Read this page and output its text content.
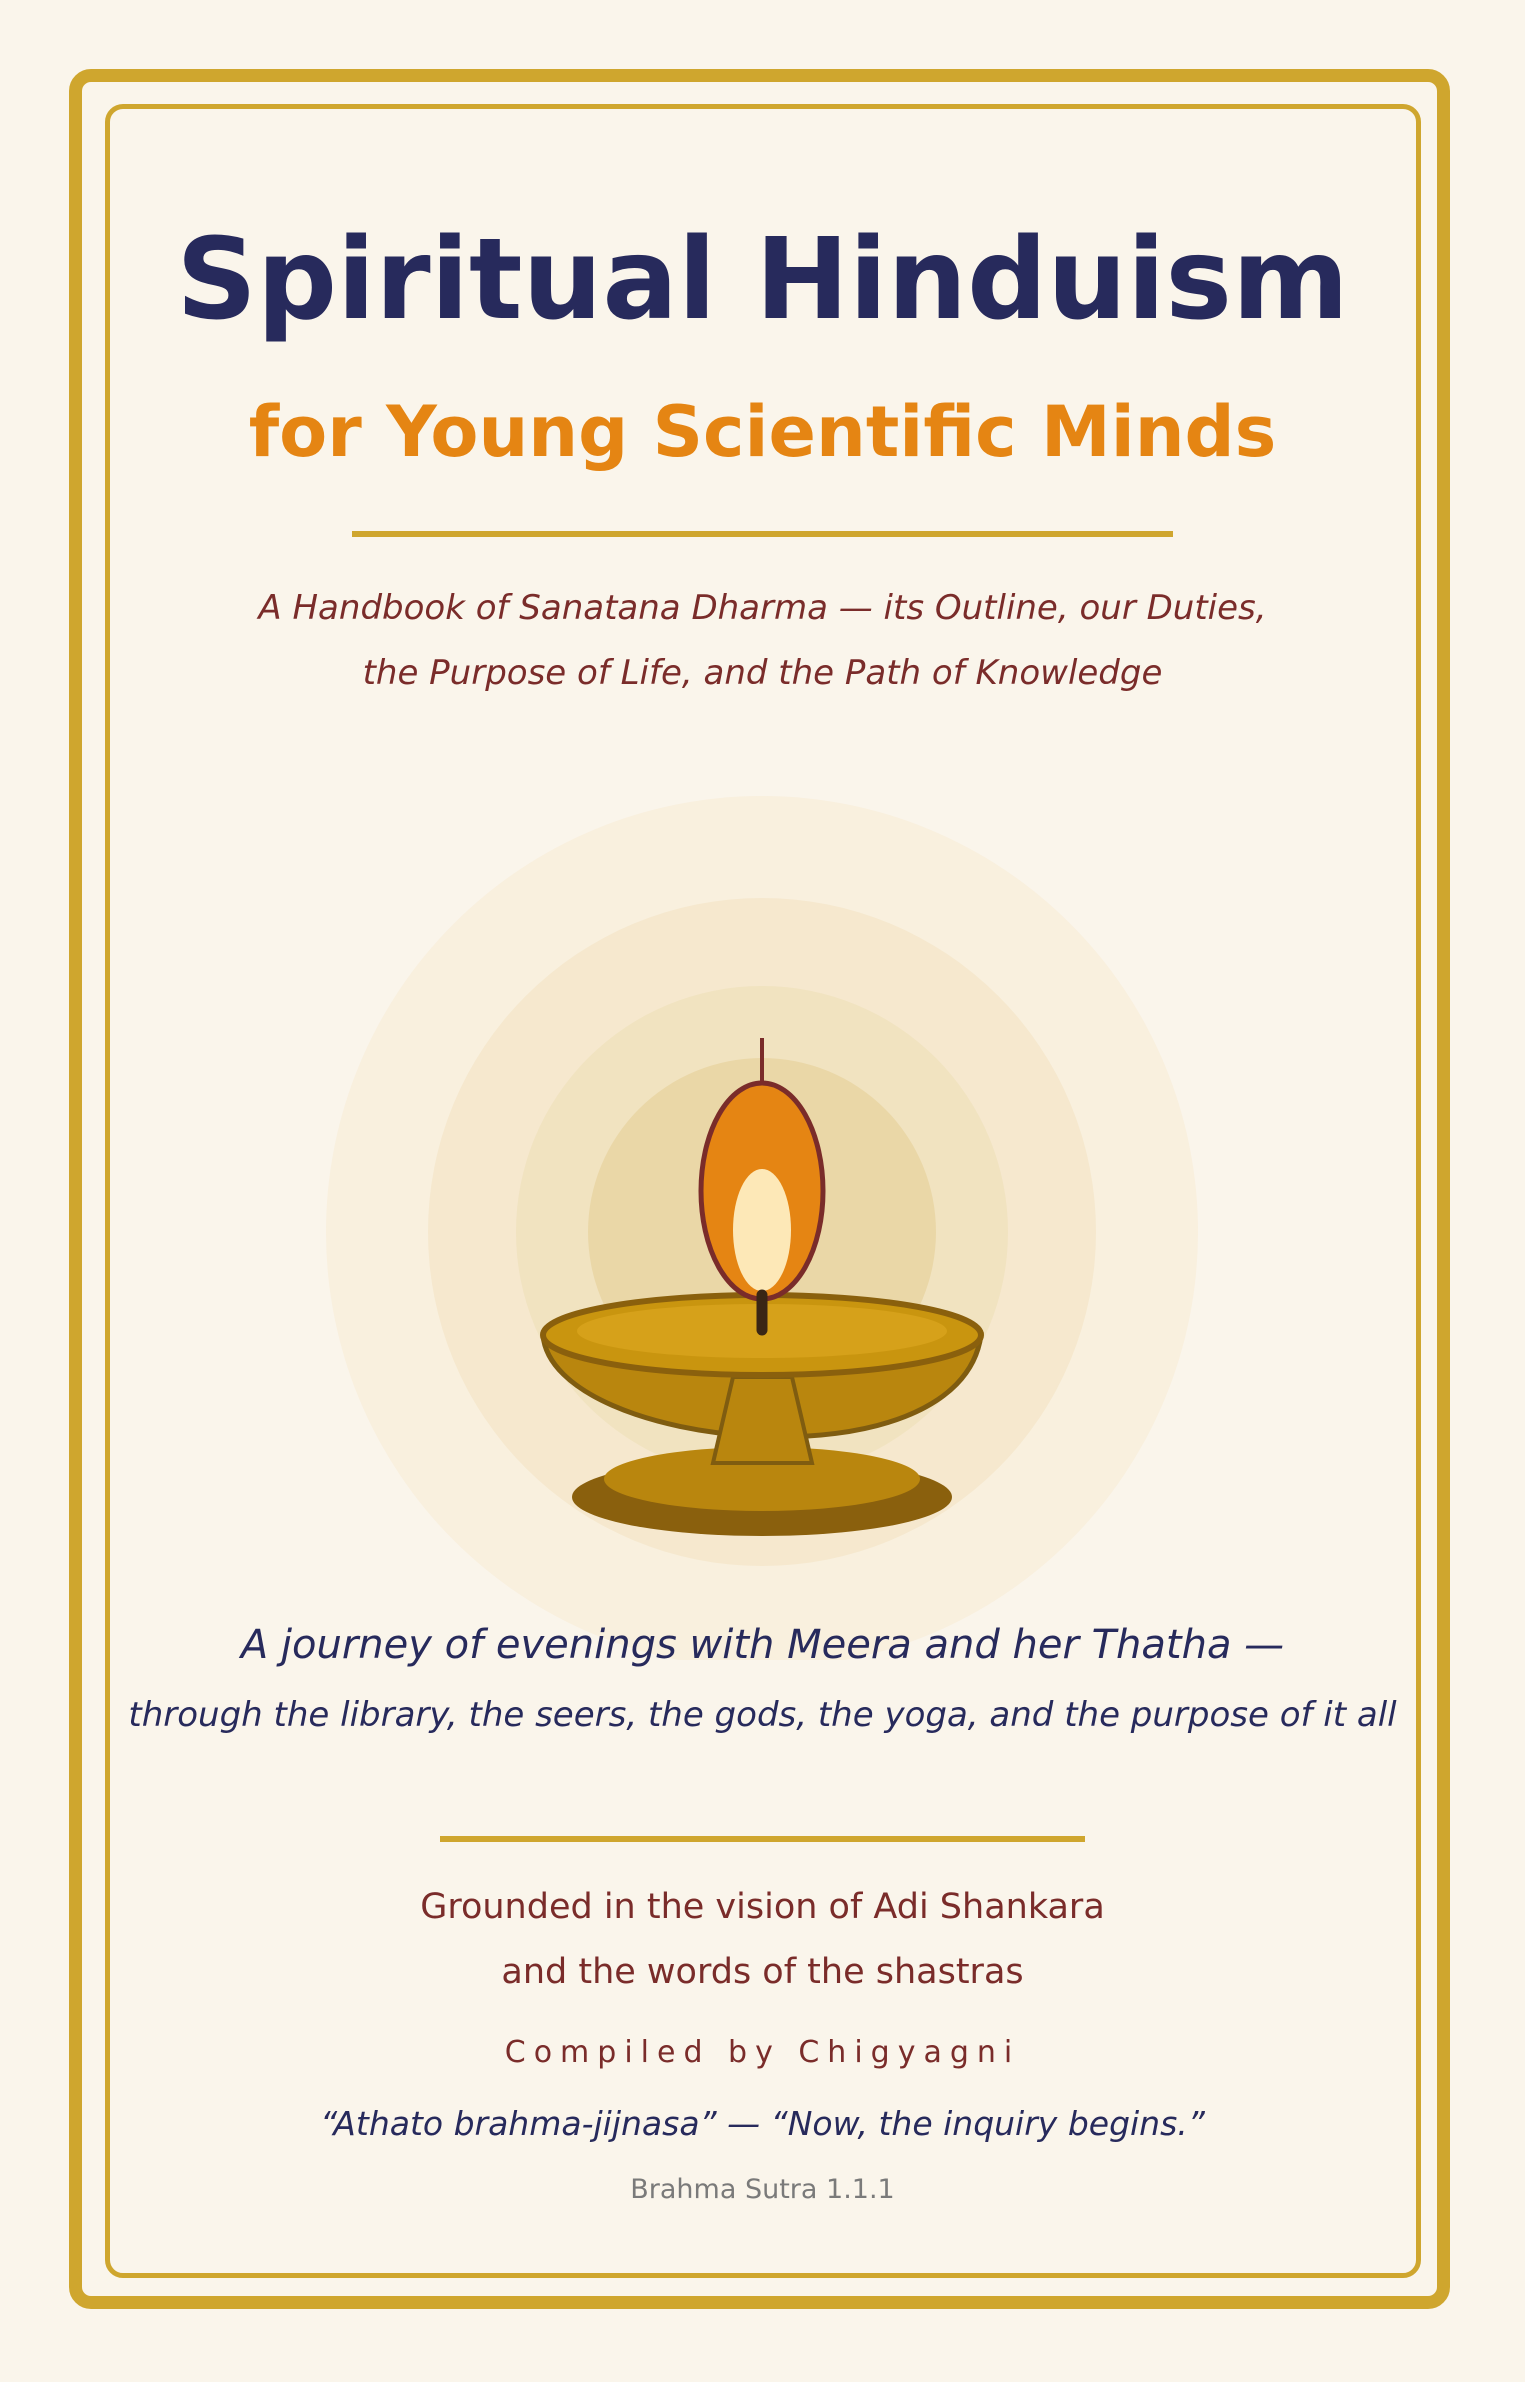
Spiritual Hinduism
for Young Scientific Minds

A Handbook of Sanatana Dharma — its Outline, our Duties,

the Purpose of Life, and the Path of Knowledge

A journey of evenings with Meera and her Thatha —

through the library, the seers, the gods, the yoga, and the purpose of it all

Grounded in the vision of Adi Shankara

and the words of the shastras

Compiled by Chigyagni

“Athato brahma-jijnasa” — “Now, the inquiry begins.”

Brahma Sutra 1.1.1
